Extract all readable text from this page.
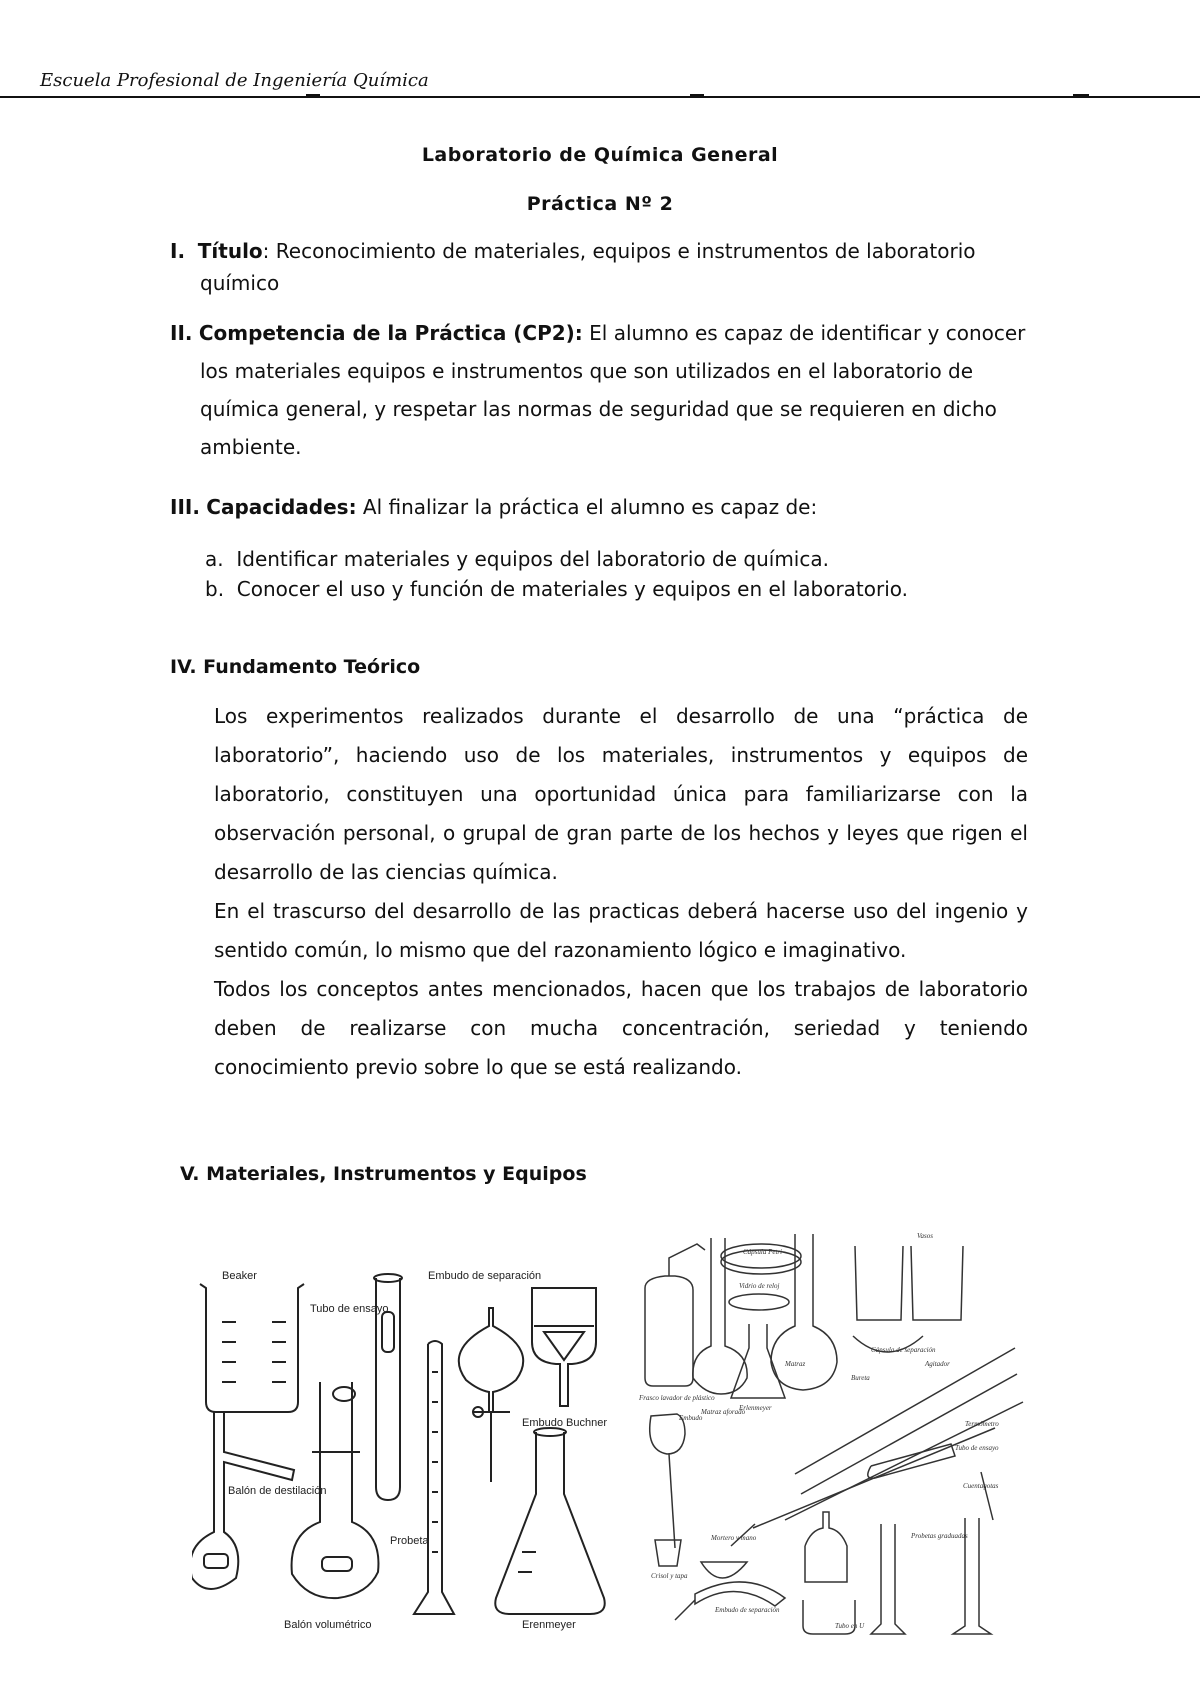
Escuela Profesional de Ingeniería Química
Laboratorio de Química General
Práctica Nº 2
I. Título: Reconocimiento de materiales, equipos e instrumentos de laboratorio químico
II. Competencia de la Práctica (CP2): El alumno es capaz de identificar y conocer los materiales equipos e instrumentos que son utilizados en el laboratorio de química general, y respetar las normas de seguridad que se requieren en dicho ambiente.
III. Capacidades: Al finalizar la práctica el alumno es capaz de:
a. Identificar materiales y equipos del laboratorio de química.
b. Conocer el uso y función de materiales y equipos en el laboratorio.
IV. Fundamento Teórico

Los experimentos realizados durante el desarrollo de una “práctica de laboratorio”, haciendo uso de los materiales, instrumentos y equipos de laboratorio, constituyen una oportunidad única para familiarizarse con la observación personal, o grupal de gran parte de los hechos y leyes que rigen el desarrollo de las ciencias química.

En el trascurso del desarrollo de las practicas deberá hacerse uso del ingenio y sentido común, lo mismo que del razonamiento lógico e imaginativo.

Todos los conceptos antes mencionados, hacen que los trabajos de laboratorio deben de realizarse con mucha concentración, seriedad y teniendo conocimiento previo sobre lo que se está realizando.

V. Materiales, Instrumentos y Equipos
Beaker
Tubo de ensayo
Embudo de separación
Embudo Buchner
Balón de destilación
Probeta
Balón volumétrico	Erenmeyer
Vasos
Cápsula Petri
Vidrio de reloj
Frasco lavador de plástico
Matraz aforado
Matraz
Erlenmeyer
Cápsula de separación
Agitador
Bureta
Embudo
Termómetro
Tubo de ensayo
Cuentagotas
Crisol y tapa
Mortero y mano	Probetas graduadas
Embudo de separación
Tubo en U
